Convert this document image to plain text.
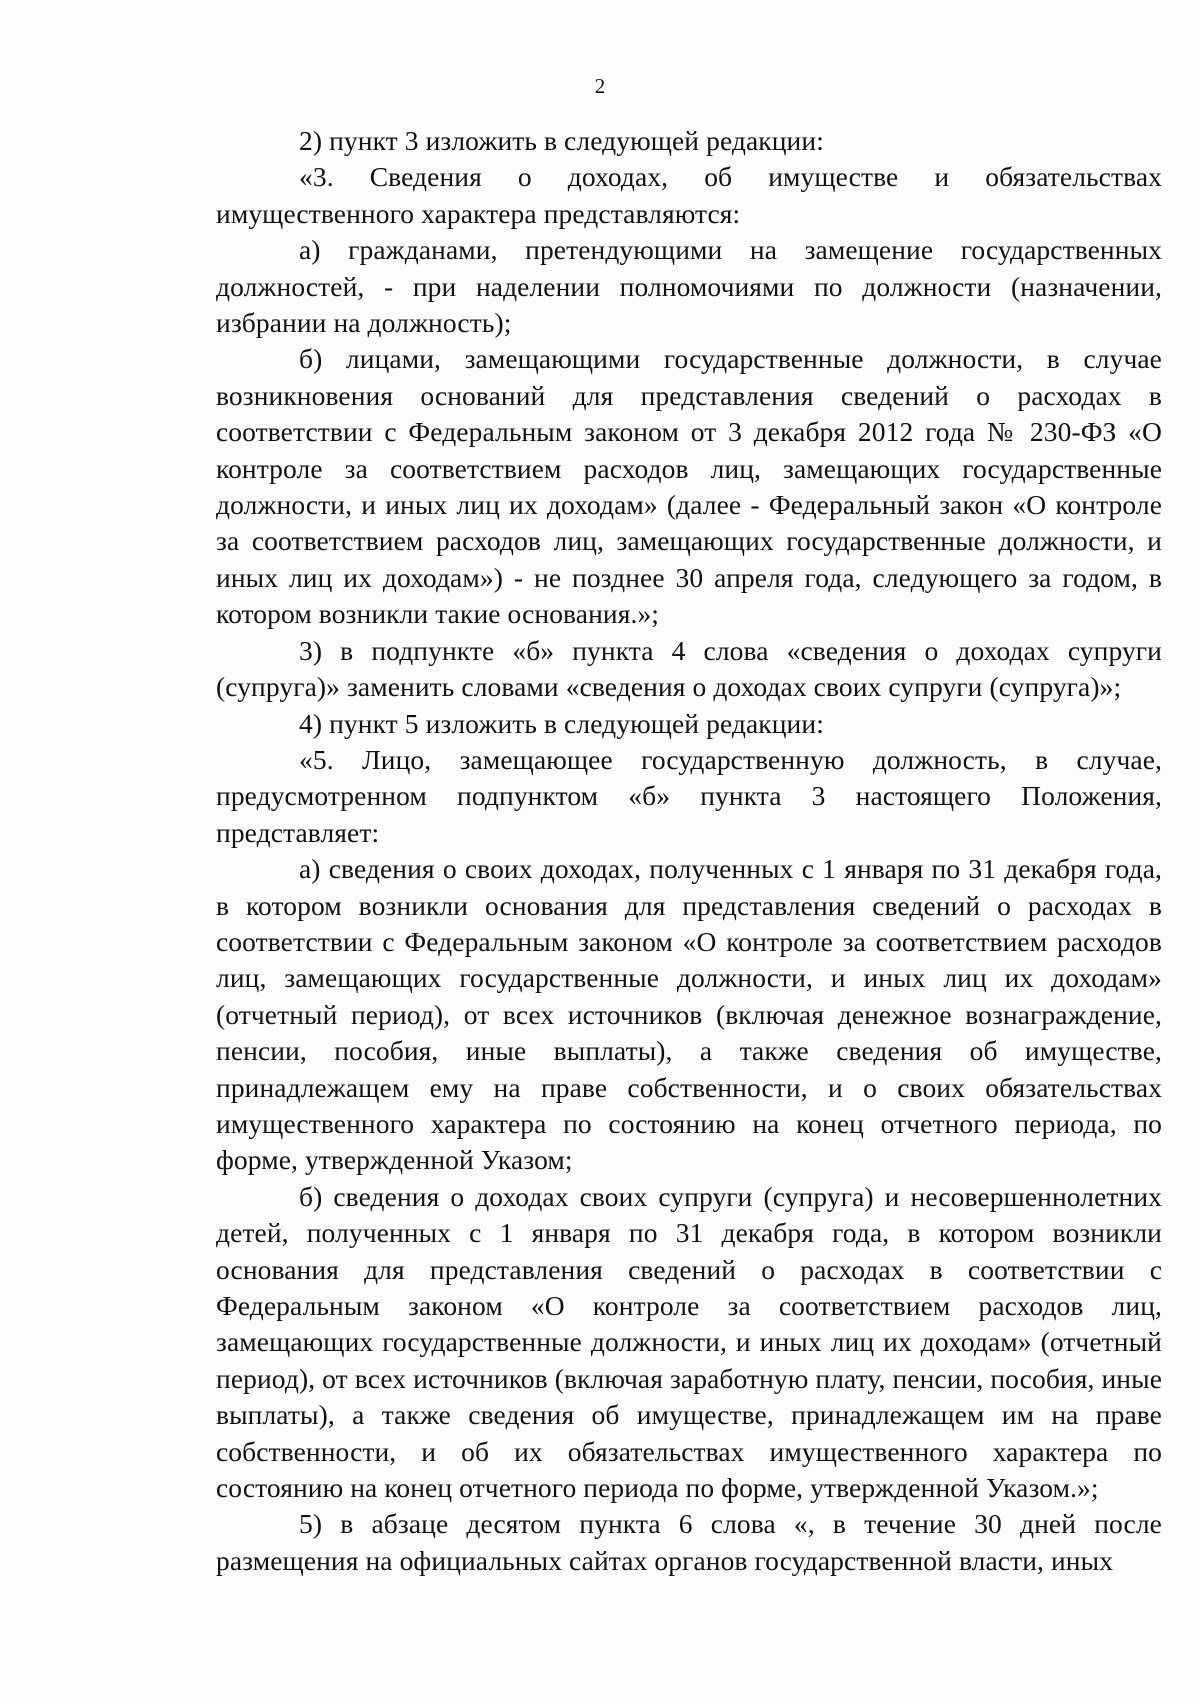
2

2) пункт 3 изложить в следующей редакции:

«3. Сведения о доходах, об имуществе и обязательствах имущественного характера представляются:

а) гражданами, претендующими на замещение государственных должностей, - при наделении полномочиями по должности (назначении, избрании на должность);

б) лицами, замещающими государственные должности, в случае возникновения оснований для представления сведений о расходах в соответствии с Федеральным законом от 3 декабря 2012 года № 230-ФЗ «О контроле за соответствием расходов лиц, замещающих государственные должности, и иных лиц их доходам» (далее - Федеральный закон «О контроле за соответствием расходов лиц, замещающих государственные должности, и иных лиц их доходам») - не позднее 30 апреля года, следующего за годом, в котором возникли такие основания.»;

3) в подпункте «б» пункта 4 слова «сведения о доходах супруги (супруга)» заменить словами «сведения о доходах своих супруги (супруга)»;

4) пункт 5 изложить в следующей редакции:

«5. Лицо, замещающее государственную должность, в случае, предусмотренном подпунктом «б» пункта 3 настоящего Положения, представляет:

а) сведения о своих доходах, полученных с 1 января по 31 декабря года, в котором возникли основания для представления сведений о расходах в соответствии с Федеральным законом «О контроле за соответствием расходов лиц, замещающих государственные должности, и иных лиц их доходам» (отчетный период), от всех источников (включая денежное вознаграждение, пенсии, пособия, иные выплаты), а также сведения об имуществе, принадлежащем ему на праве собственности, и о своих обязательствах имущественного характера по состоянию на конец отчетного периода, по форме, утвержденной Указом;

б) сведения о доходах своих супруги (супруга) и несовершеннолетних детей, полученных с 1 января по 31 декабря года, в котором возникли основания для представления сведений о расходах в соответствии с Федеральным законом «О контроле за соответствием расходов лиц, замещающих государственные должности, и иных лиц их доходам» (отчетный период), от всех источников (включая заработную плату, пенсии, пособия, иные выплаты), а также сведения об имуществе, принадлежащем им на праве собственности, и об их обязательствах имущественного характера по состоянию на конец отчетного периода по форме, утвержденной Указом.»;

5) в абзаце десятом пункта 6 слова «, в течение 30 дней после размещения на официальных сайтах органов государственной власти, иных
